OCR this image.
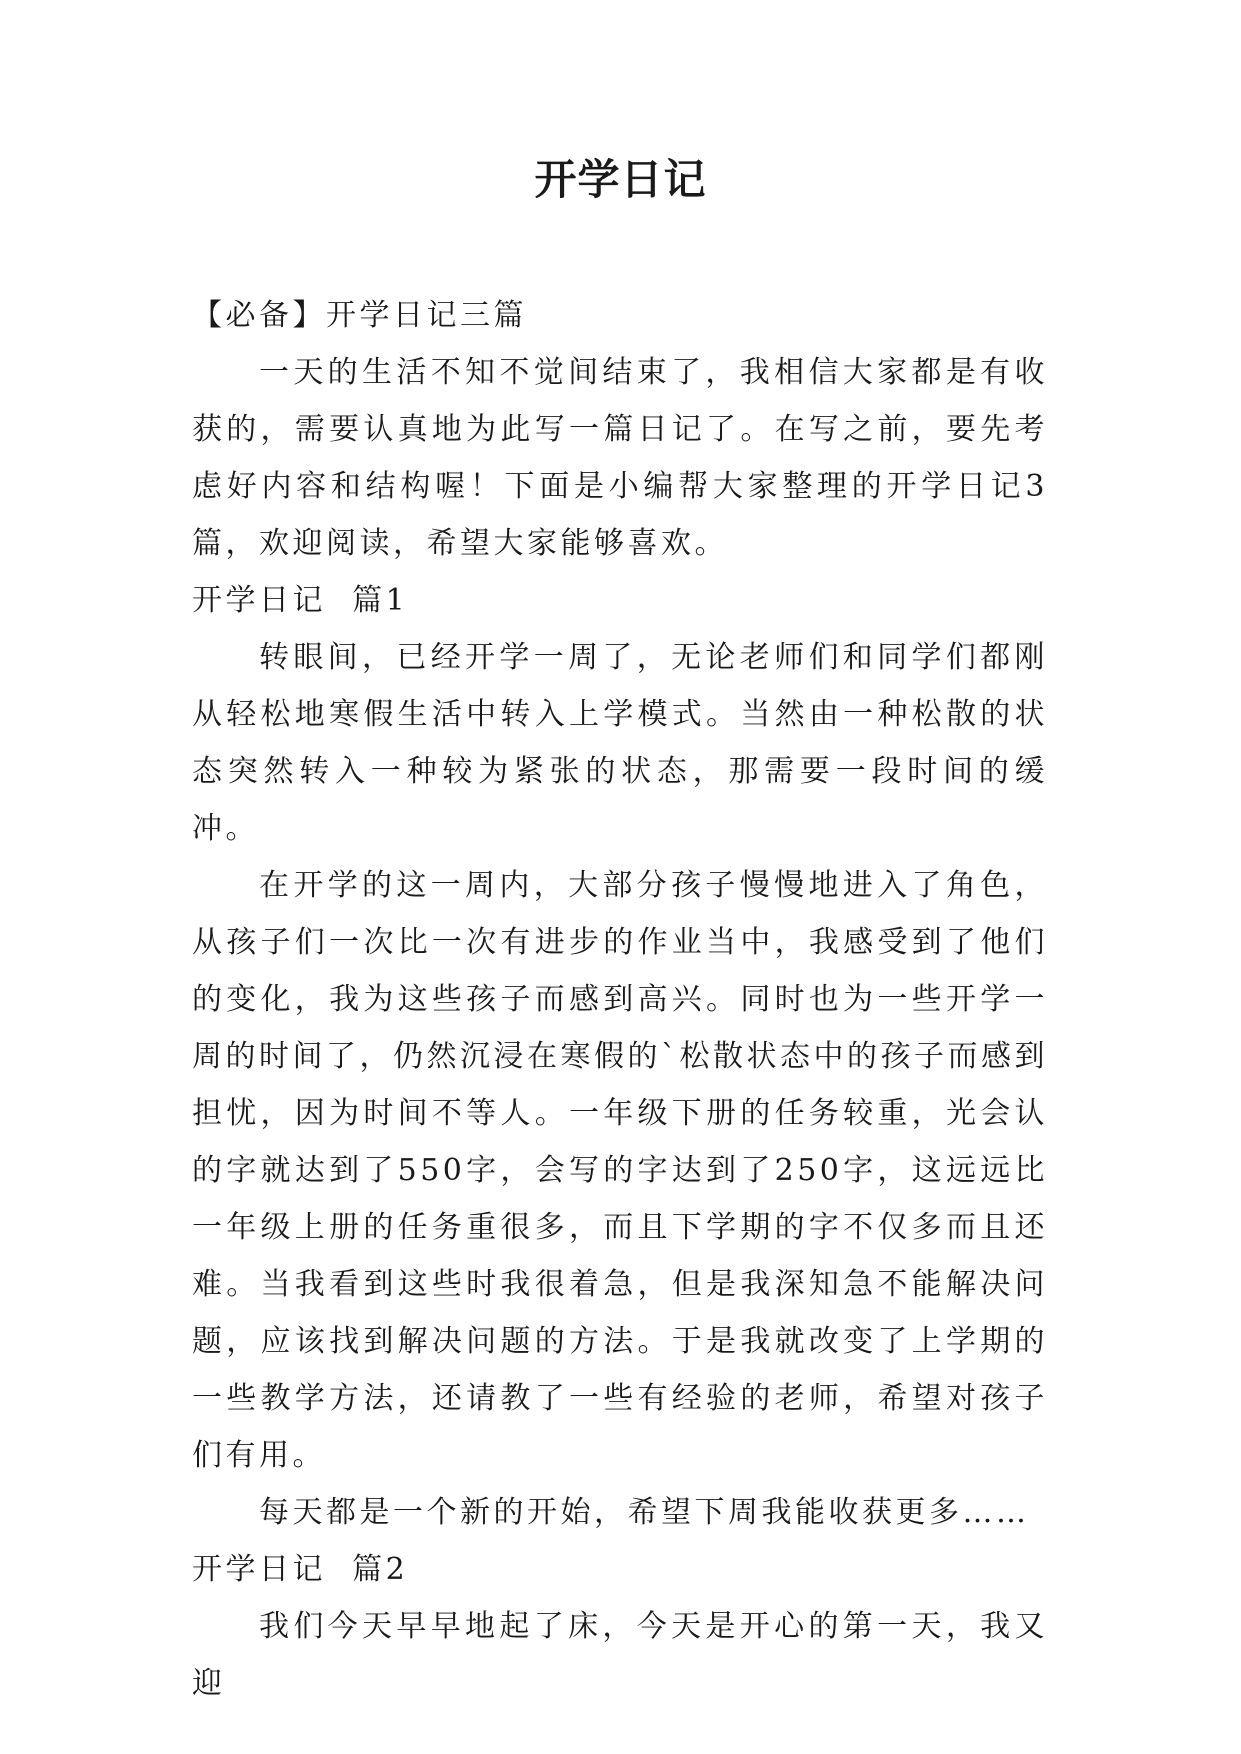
开学日记

【必备】开学日记三篇

一天的生活不知不觉间结束了，我相信大家都是有收获的，需要认真地为此写一篇日记了。在写之前，要先考虑好内容和结构喔！下面是小编帮大家整理的开学日记3篇，欢迎阅读，希望大家能够喜欢。

开学日记  篇1

转眼间，已经开学一周了，无论老师们和同学们都刚从轻松地寒假生活中转入上学模式。当然由一种松散的状态突然转入一种较为紧张的状态，那需要一段时间的缓冲。

在开学的这一周内，大部分孩子慢慢地进入了角色，从孩子们一次比一次有进步的作业当中，我感受到了他们的变化，我为这些孩子而感到高兴。同时也为一些开学一周的时间了，仍然沉浸在寒假的`松散状态中的孩子而感到担忧，因为时间不等人。一年级下册的任务较重，光会认的字就达到了550字，会写的字达到了250字，这远远比一年级上册的任务重很多，而且下学期的字不仅多而且还难。当我看到这些时我很着急，但是我深知急不能解决问题，应该找到解决问题的方法。于是我就改变了上学期的一些教学方法，还请教了一些有经验的老师，希望对孩子们有用。

每天都是一个新的开始，希望下周我能收获更多……

开学日记  篇2

我们今天早早地起了床，今天是开心的第一天，我又迎
